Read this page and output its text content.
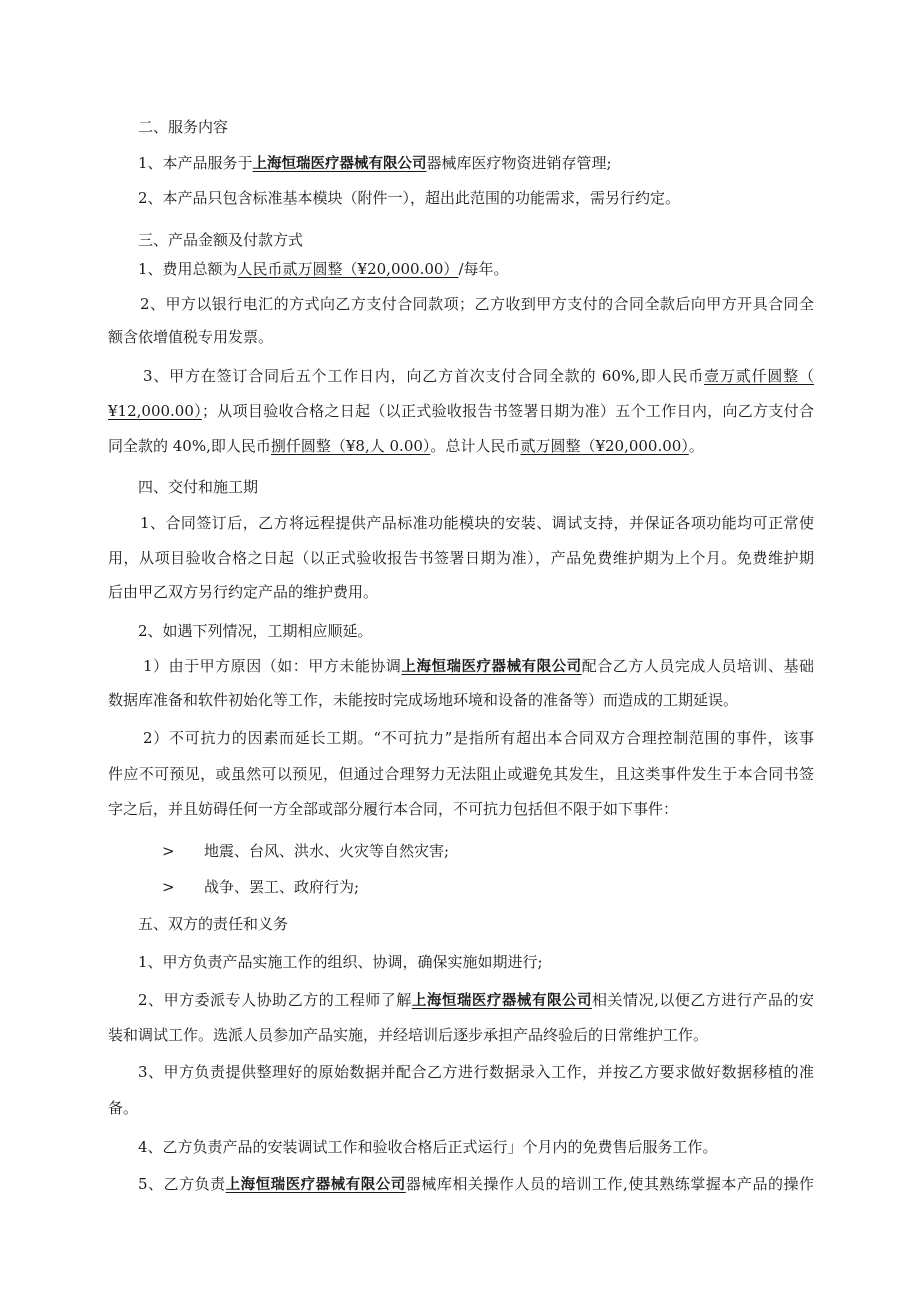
二、服务内容
1、本产品服务于上海恒瑞医疗器械有限公司器械库医疗物资进销存管理;
2、本产品只包含标准基本模块（附件一），超出此范围的功能需求，需另行约定。
三、产品金额及付款方式
1、费用总额为人民币贰万圆整（¥20,000.00）/每年。
2、甲方以银行电汇的方式向乙方支付合同款项；乙方收到甲方支付的合同全款后向甲方开具合同全
额含依增值税专用发票。
3、甲方在签订合同后五个工作日内，向乙方首次支付合同全款的 60%,即人民币壹万贰仟圆整（
¥12,000.00）；从项目验收合格之日起（以正式验收报告书签署日期为准）五个工作日内，向乙方支付合
同全款的 40%,即人民币捌仟圆整（¥8,人 0.00）。总计人民币贰万圆整（¥20,000.00）。
四、交付和施工期
1、合同签订后，乙方将远程提供产品标准功能模块的安装、调试支持，并保证各项功能均可正常使
用，从项目验收合格之日起（以正式验收报告书签署日期为准），产品免费维护期为上个月。免费维护期
后由甲乙双方另行约定产品的维护费用。
2、如遇下列情况，工期相应顺延。
1）由于甲方原因（如：甲方未能协调上海恒瑞医疗器械有限公司配合乙方人员完成人员培训、基础
数据库准备和软件初始化等工作，未能按时完成场地环境和设备的准备等）而造成的工期延误。
2）不可抗力的因素而延长工期。“不可抗力”是指所有超出本合同双方合理控制范围的事件，该事
件应不可预见，或虽然可以预见，但通过合理努力无法阻止或避免其发生，且这类事件发生于本合同书签
字之后，并且妨碍任何一方全部或部分履行本合同，不可抗力包括但不限于如下事件：
> 地震、台风、洪水、火灾等自然灾害;
> 战争、罢工、政府行为;
五、双方的责任和义务
1、甲方负责产品实施工作的组织、协调，确保实施如期进行;
2、甲方委派专人协助乙方的工程师了解上海恒瑞医疗器械有限公司相关情况,以便乙方进行产品的安
装和调试工作。选派人员参加产品实施，并经培训后逐步承担产品终验后的日常维护工作。
3、甲方负责提供整理好的原始数据并配合乙方进行数据录入工作，并按乙方要求做好数据移植的准
备。
4、乙方负责产品的安装调试工作和验收合格后正式运行」个月内的免费售后服务工作。
5、乙方负责上海恒瑞医疗器械有限公司器械库相关操作人员的培训工作,使其熟练掌握本产品的操作
